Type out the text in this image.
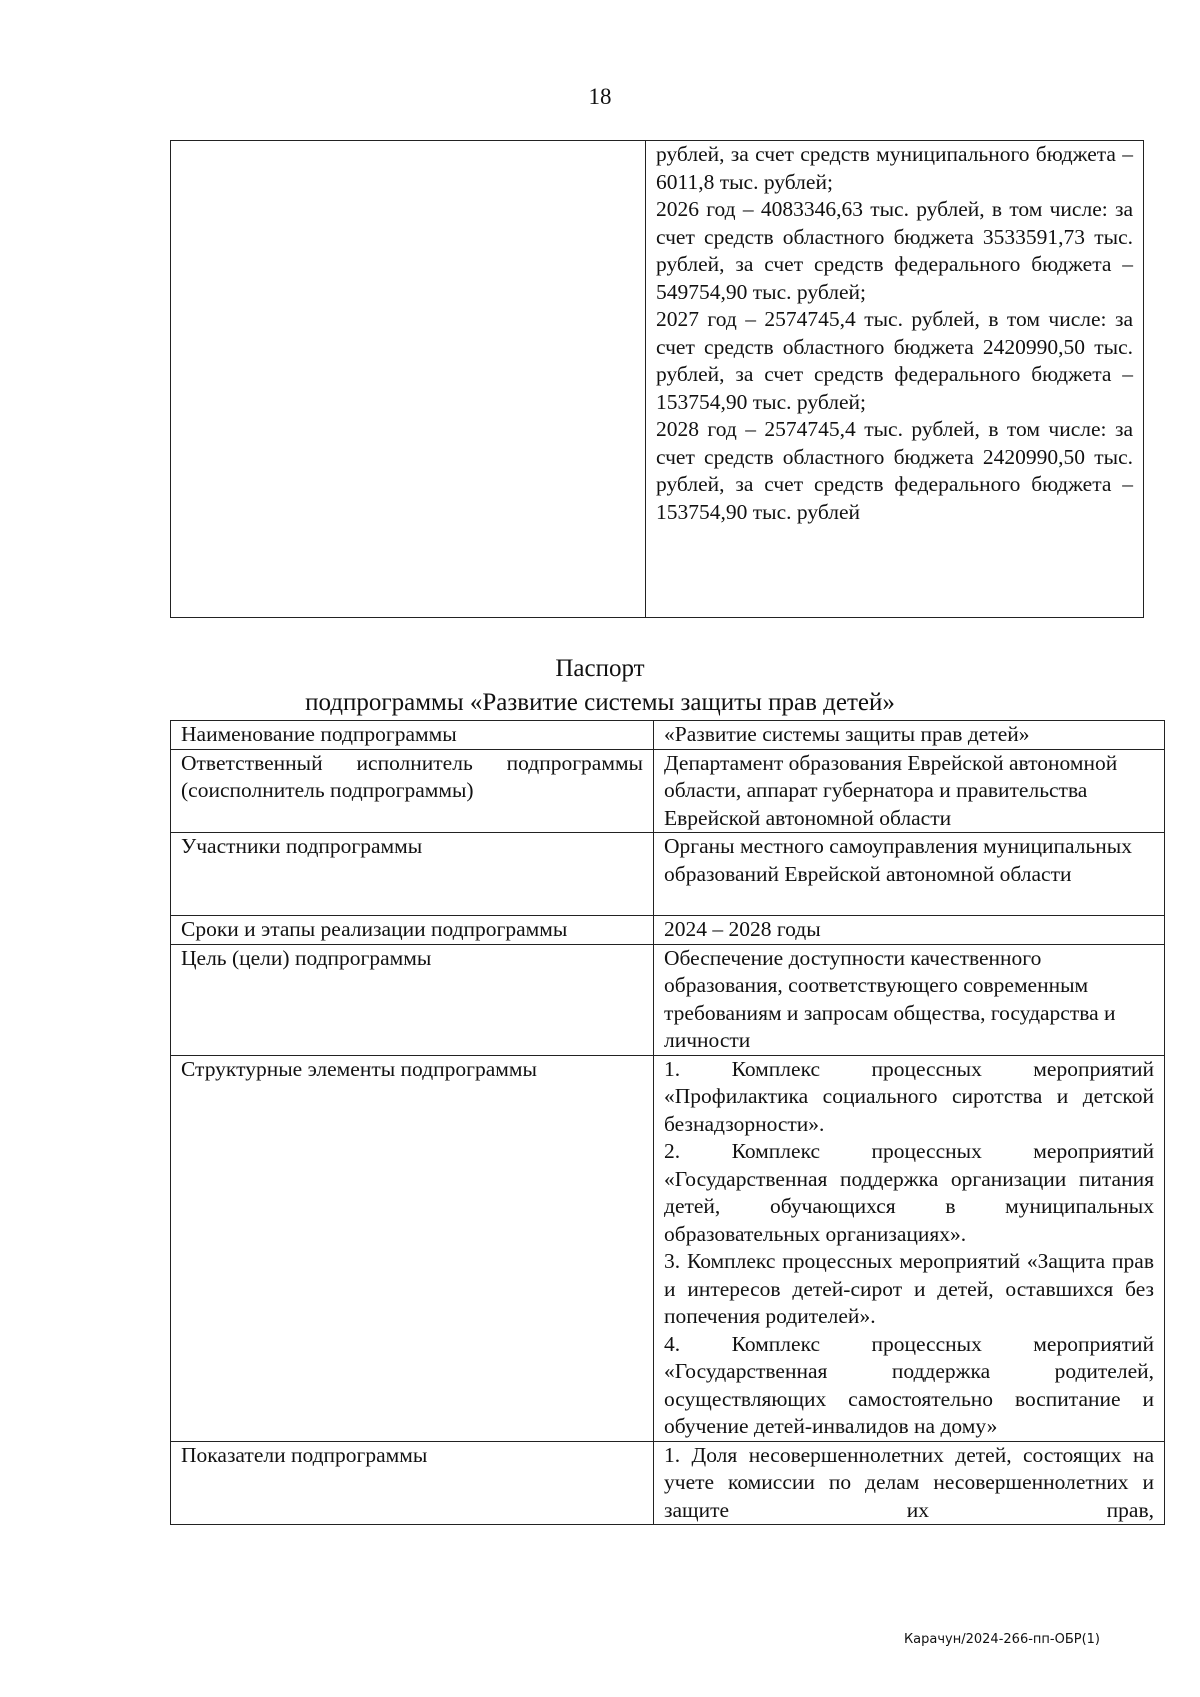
18

рублей, за счет средств муниципального бюджета – 6011,8 тыс. рублей;
2026 год – 4083346,63 тыс. рублей, в том числе: за счет средств областного бюджета 3533591,73 тыс. рублей, за счет средств федерального бюджета – 549754,90 тыс. рублей;
2027 год – 2574745,4 тыс. рублей, в том числе: за счет средств областного бюджета 2420990,50 тыс. рублей, за счет средств федерального бюджета – 153754,90 тыс. рублей;
2028 год – 2574745,4 тыс. рублей, в том числе: за счет средств областного бюджета 2420990,50 тыс. рублей, за счет средств федерального бюджета – 153754,90 тыс. рублей
Паспорт
подпрограммы «Развитие системы защиты прав детей»
Наименование подпрограммы	«Развитие системы защиты прав детей»
Ответственный исполнитель подпрограммы (соисполнитель подпрограммы)	Департамент образования Еврейской автономной области, аппарат губернатора и правительства Еврейской автономной области
Участники подпрограммы	Органы местного самоуправления муниципальных образований Еврейской автономной области
Сроки и этапы реализации подпрограммы	2024 – 2028 годы
Цель (цели) подпрограммы	Обеспечение доступности качественного образования, соответствующего современным требованиям и запросам общества, государства и личности
Структурные элементы подпрограммы	1. Комплекс процессных мероприятий «Профилактика социального сиротства и детской безнадзорности».
2. Комплекс процессных мероприятий «Государственная поддержка организации питания детей, обучающихся в муниципальных образовательных организациях».
3. Комплекс процессных мероприятий «Защита прав и интересов детей-сирот и детей, оставшихся без попечения родителей».
4. Комплекс процессных мероприятий «Государственная поддержка родителей, осуществляющих самостоятельно воспитание и обучение детей-инвалидов на дому»

Показатели подпрограммы	1. Доля несовершеннолетних детей, состоящих на учете комиссии по делам несовершеннолетних и защите их прав,
Карачун/2024-266-пп-ОБР(1)
